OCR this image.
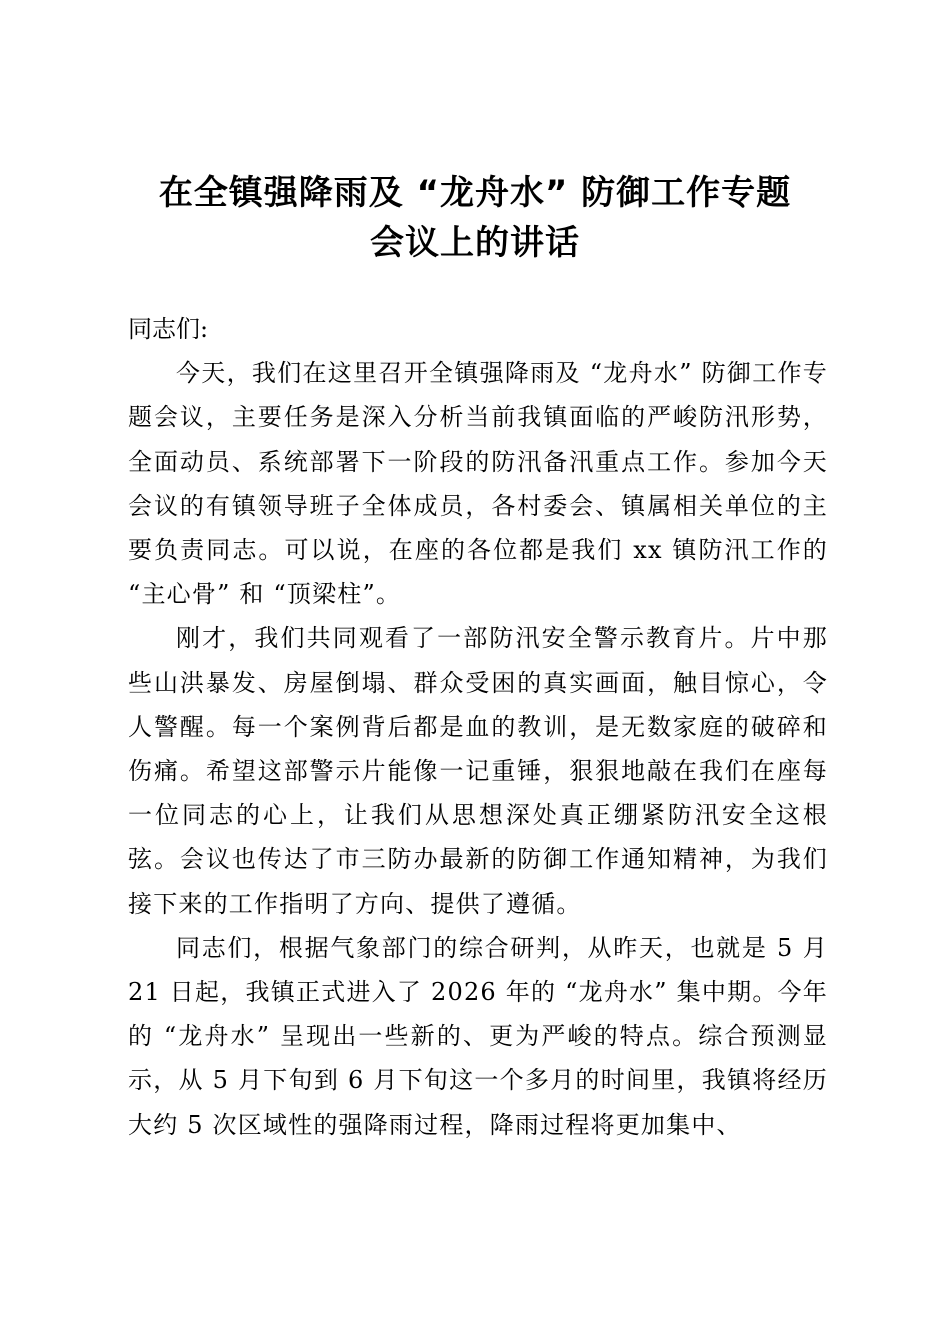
在全镇强降雨及 “龙舟水” 防御工作专题
会议上的讲话

同志们:

今天，我们在这里召开全镇强降雨及 “龙舟水” 防御工作专题会议，主要任务是深入分析当前我镇面临的严峻防汛形势，全面动员、系统部署下一阶段的防汛备汛重点工作。参加今天会议的有镇领导班子全体成员，各村委会、镇属相关单位的主要负责同志。可以说，在座的各位都是我们 xx 镇防汛工作的 “主心骨” 和 “顶梁柱”。

刚才，我们共同观看了一部防汛安全警示教育片。片中那些山洪暴发、房屋倒塌、群众受困的真实画面，触目惊心，令人警醒。每一个案例背后都是血的教训，是无数家庭的破碎和伤痛。希望这部警示片能像一记重锤，狠狠地敲在我们在座每一位同志的心上，让我们从思想深处真正绷紧防汛安全这根弦。会议也传达了市三防办最新的防御工作通知精神，为我们接下来的工作指明了方向、提供了遵循。

同志们，根据气象部门的综合研判，从昨天，也就是 5 月 21 日起，我镇正式进入了 2026 年的 “龙舟水” 集中期。今年的 “龙舟水” 呈现出一些新的、更为严峻的特点。综合预测显示，从 5 月下旬到 6 月下旬这一个多月的时间里，我镇将经历大约 5 次区域性的强降雨过程，降雨过程将更加集中、
